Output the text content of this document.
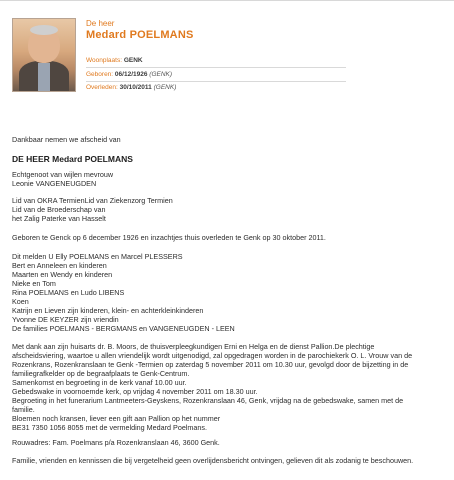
De heer
Medard POELMANS
Woonplaats: GENK
Geboren: 06/12/1926 (GENK)
Overleden: 30/10/2011 (GENK)
Dankbaar nemen we afscheid van
DE HEER Medard POELMANS
Echtgenoot van wijlen mevrouw
Leonie VANGENEUGDEN
Lid van OKRA TermienLid van Ziekenzorg Termien
Lid van de Broederschap van
het Zalig Paterke van Hasselt
Geboren te Genck op 6 december 1926 en inzachtjes thuis overleden te Genk op 30 oktober 2011.
Dit melden U Elly POELMANS en Marcel PLESSERS
Bert en Anneleen en kinderen
Maarten en Wendy en kinderen
Nieke en Tom
Rina POELMANS en Ludo LIBENS
Koen
Katrijn en Lieven zijn kinderen, klein- en achterkleinkinderen
Yvonne DE KEYZER zijn vriendin
De families POELMANS - BERGMANS en VANGENEUGDEN - LEEN
Met dank aan zijn huisarts dr. B. Moors, de thuisverpleegkundigen Erni en Helga en de dienst Pallion.De plechtige
afscheidsviering, waartoe u allen vriendelijk wordt uitgenodigd, zal opgedragen worden in de parochiekerk O. L. Vrouw van de
Rozenkrans, Rozenkranslaan te Genk -Termien op zaterdag 5 november 2011 om 10.30 uur, gevolgd door de bijzetting in de
familiegrafkelder op de begraafplaats te Genk-Centrum.
Samenkomst en begroeting in de kerk vanaf 10.00 uur.
Gebedswake in voornoemde kerk, op vrijdag 4 november 2011 om 18.30 uur.
Begroeting in het funerarium Lantmeeters-Geyskens, Rozenkranslaan 46, Genk, vrijdag na de gebedswake, samen met de
familie.
Bloemen noch kransen, liever een gift aan Pallion op het nummer
BE31 7350 1056 8055 met de vermelding Medard Poelmans.
Rouwadres: Fam. Poelmans p/a Rozenkranslaan 46, 3600 Genk.
Familie, vrienden en kennissen die bij vergetelheid geen overlijdensbericht ontvingen, gelieven dit als zodanig te beschouwen.
